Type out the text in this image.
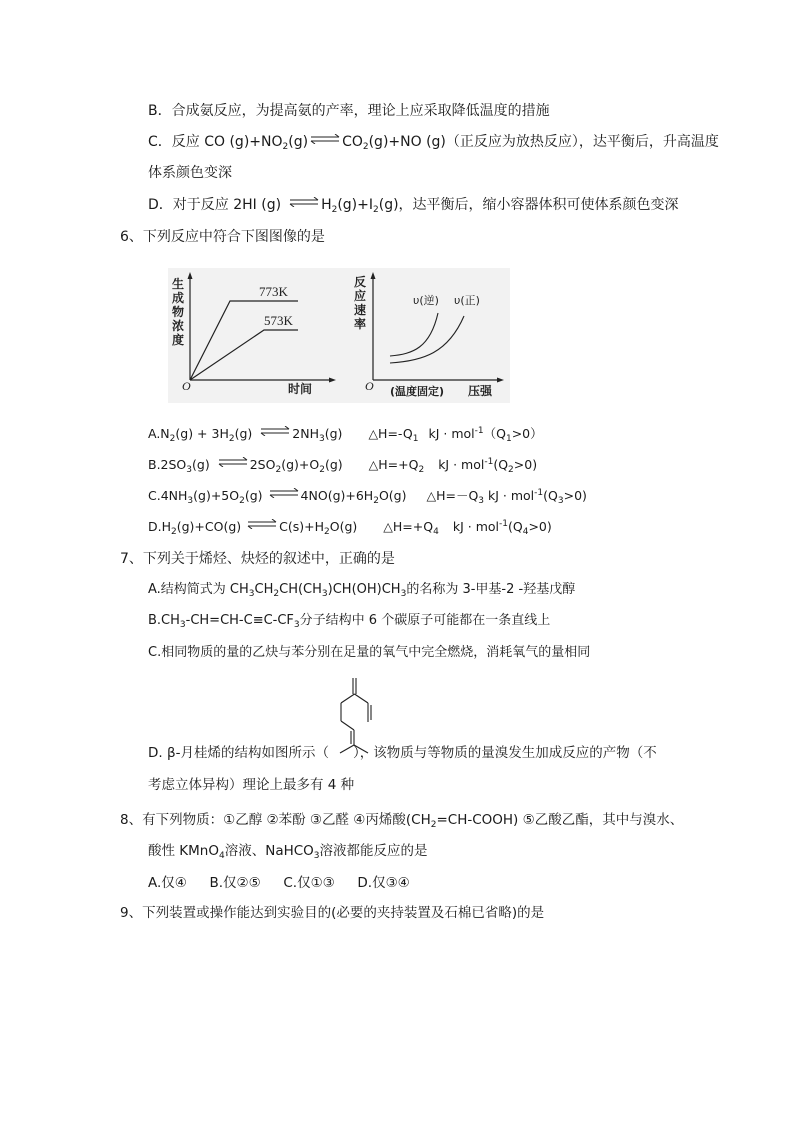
B．合成氨反应，为提高氨的产率，理论上应采取降低温度的措施
C．反应 CO $(g)+NO_2(g)$ ⇌ $CO_2(g)+NO$ (g)（正反应为放热反应），达平衡后，升高温度
体系颜色变深
D．对于反应 2HI (g) ⇌ $H_2(g)+I_2(g)$，达平衡后，缩小容器体积可使体系颜色变深
6、下列反应中符合下图图像的是
生
成
物
浓
度
773K
573K
O	时间
反
应
速
率
υ(逆) υ(正)
O (温度固定) 压强
$A.N_2(g) + 3H_2(g)$ ⇌ $2NH_3(g)$ $\triangle H=-Q_1$ kJ · $mol^{-1}(Q_1>0)$
$B.2SO_3(g)$ ⇌ $2SO_2(g)+O_2(g)$ $\triangle H=+Q_2$ kJ · $mol^{-1}(Q_2>0)$
$C.4NH_3(g)+5O_2(g)$ ⇌ $4NO(g)+6H_2O(g)$ $\triangle H=-Q_3$ kJ · $mol^{-1}(Q_3>0)$
$D.H_2(g)+CO(g)$ ⇌ $C(s)+H_2O(g)$ $\triangle H=+Q_4$ kJ · $mol^{-1}(Q_4>0)$
7、下列关于烯烃、炔烃的叙述中，正确的是
A.结构简式为 $CH_3CH_2CH(CH_3)CH(OH)CH_3$的名称为 3-甲基-2 -羟基戊醇
$B.CH_3-CH=CH-C\equiv C-CF_3$分子结构中 6 个碳原子可能都在一条直线上
C.相同物质的量的乙炔与苯分别在足量的氧气中完全燃烧，消耗氧气的量相同
D. β-月桂烯的结构如图所示（ ），该物质与等物质的量溴发生加成反应的产物（不
考虑立体异构）理论上最多有 4 种
8、有下列物质：①乙醇 ②苯酚 ③乙醛 ④丙烯酸$(CH_2=CH-COOH)$ ⑤乙酸乙酯，其中与溴水、
酸性 KMnO$_4$溶液、NaHCO$_3$溶液都能反应的是
A.仅④ B.仅②⑤ C.仅①③ D.仅③④
9、下列装置或操作能达到实验目的(必要的夹持装置及石棉已省略)的是
